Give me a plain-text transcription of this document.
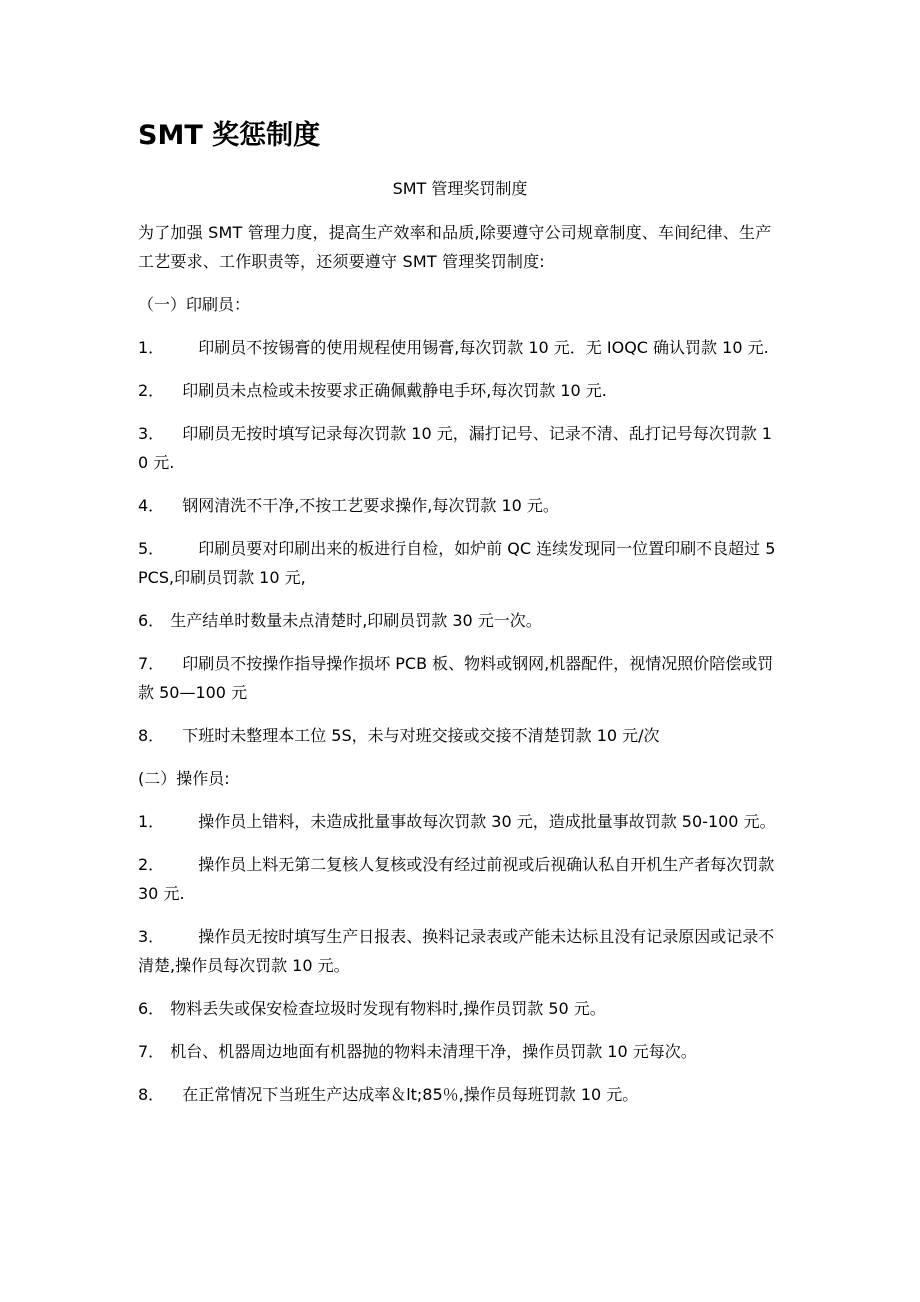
SMT 奖惩制度

SMT 管理奖罚制度

为了加强 SMT 管理力度，提高生产效率和品质,除要遵守公司规章制度、车间纪律、生产工艺要求、工作职责等，还须要遵守 SMT 管理奖罚制度:

（一）印刷员：

1． 印刷员不按锡膏的使用规程使用锡膏,每次罚款 10 元．无 IOQC 确认罚款 10 元.

2． 印刷员未点检或未按要求正确佩戴静电手环,每次罚款 10 元.

3． 印刷员无按时填写记录每次罚款 10 元，漏打记号、记录不清、乱打记号每次罚款 10 元.

4． 钢网清洗不干净,不按工艺要求操作,每次罚款 10 元。

5． 印刷员要对印刷出来的板进行自检，如炉前 QC 连续发现同一位置印刷不良超过 5PCS,印刷员罚款 10 元,

6． 生产结单时数量未点清楚时,印刷员罚款 30 元一次。

7． 印刷员不按操作指导操作损坏 PCB 板、物料或钢网,机器配件，视情况照价陪偿或罚款 50—100 元

8． 下班时未整理本工位 5S，未与对班交接或交接不清楚罚款 10 元/次

(二）操作员:

1． 操作员上错料，未造成批量事故每次罚款 30 元，造成批量事故罚款 50-100 元。

2． 操作员上料无第二复核人复核或没有经过前视或后视确认私自开机生产者每次罚款 30 元.

3． 操作员无按时填写生产日报表、换料记录表或产能未达标且没有记录原因或记录不清楚,操作员每次罚款 10 元。

6． 物料丢失或保安检查垃圾时发现有物料时,操作员罚款 50 元。

7． 机台、机器周边地面有机器抛的物料未清理干净，操作员罚款 10 元每次。

8． 在正常情况下当班生产达成率＆lt;85％,操作员每班罚款 10 元。
